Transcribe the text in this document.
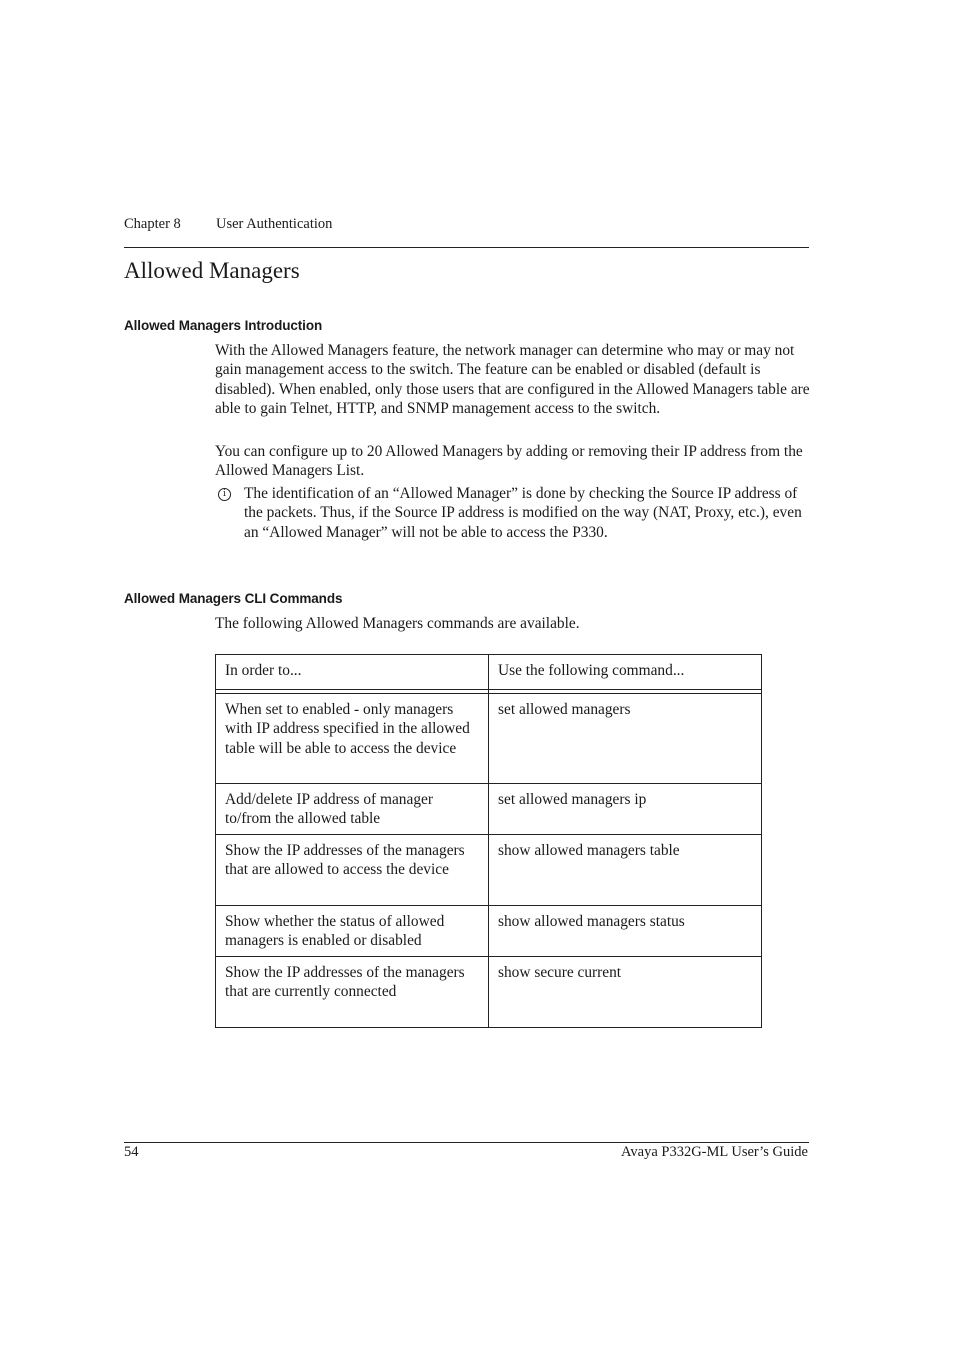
Chapter 8 User Authentication
Allowed Managers
Allowed Managers Introduction

With the Allowed Managers feature, the network manager can determine who may or may not gain management access to the switch. The feature can be enabled or disabled (default is disabled). When enabled, only those users that are configured in the Allowed Managers table are able to gain Telnet, HTTP, and SNMP management access to the switch.

You can configure up to 20 Allowed Managers by adding or removing their IP address from the Allowed Managers List.

i	The identification of an “Allowed Manager” is done by checking the Source IP address of the packets. Thus, if the Source IP address is modified on the way (NAT, Proxy, etc.), even an “Allowed Manager” will not be able to access the P330.

Allowed Managers CLI Commands

The following Allowed Managers commands are available.

In order to...	Use the following command...

When set to enabled - only managers with IP address specified in the allowed table will be able to access the device	set allowed managers
Add/delete IP address of manager to/from the allowed table	set allowed managers ip
Show the IP addresses of the managers that are allowed to access the device	show allowed managers table
Show whether the status of allowed managers is enabled or disabled	show allowed managers status
Show the IP addresses of the managers that are currently connected	show secure current
54	Avaya P332G-ML User’s Guide
